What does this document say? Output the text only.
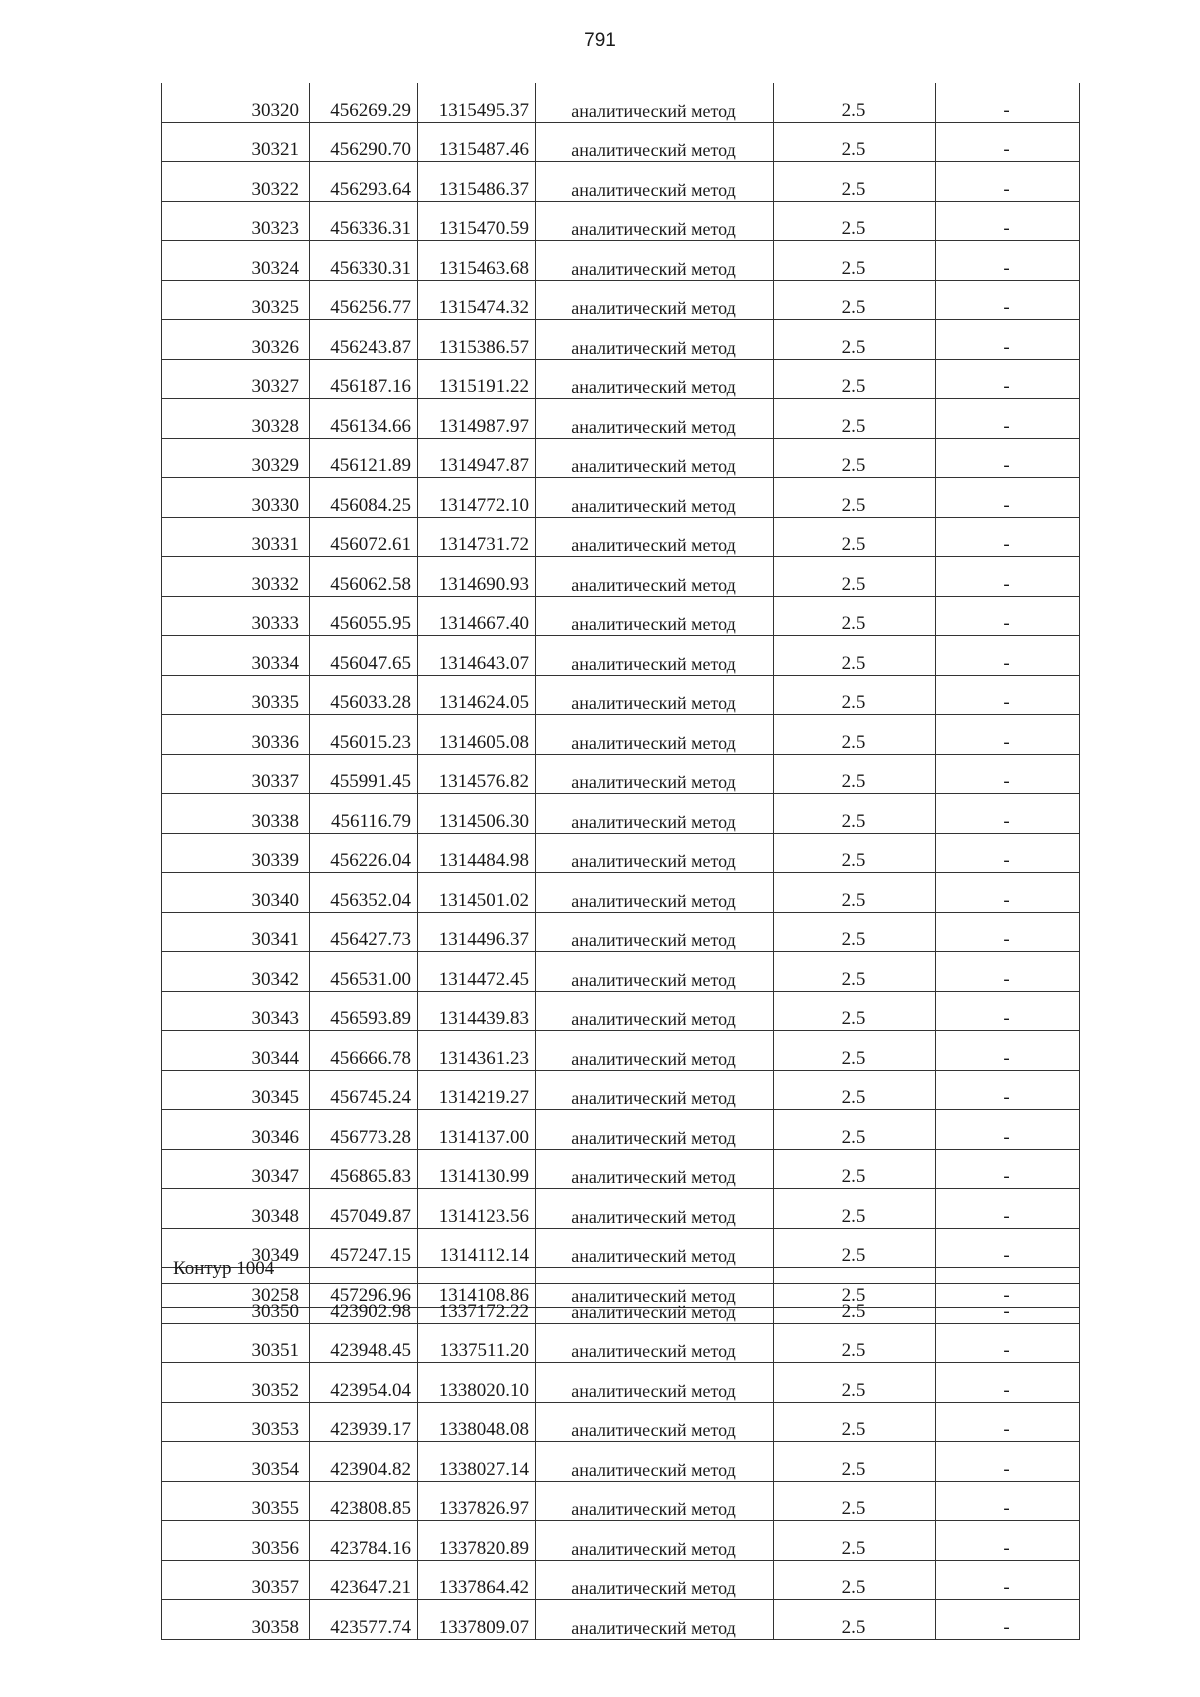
791
30320	456269.29	1315495.37	аналитический метод	2.5	-
30321	456290.70	1315487.46	аналитический метод	2.5	-
30322	456293.64	1315486.37	аналитический метод	2.5	-
30323	456336.31	1315470.59	аналитический метод	2.5	-
30324	456330.31	1315463.68	аналитический метод	2.5	-
30325	456256.77	1315474.32	аналитический метод	2.5	-
30326	456243.87	1315386.57	аналитический метод	2.5	-
30327	456187.16	1315191.22	аналитический метод	2.5	-
30328	456134.66	1314987.97	аналитический метод	2.5	-
30329	456121.89	1314947.87	аналитический метод	2.5	-
30330	456084.25	1314772.10	аналитический метод	2.5	-
30331	456072.61	1314731.72	аналитический метод	2.5	-
30332	456062.58	1314690.93	аналитический метод	2.5	-
30333	456055.95	1314667.40	аналитический метод	2.5	-
30334	456047.65	1314643.07	аналитический метод	2.5	-
30335	456033.28	1314624.05	аналитический метод	2.5	-
30336	456015.23	1314605.08	аналитический метод	2.5	-
30337	455991.45	1314576.82	аналитический метод	2.5	-
30338	456116.79	1314506.30	аналитический метод	2.5	-
30339	456226.04	1314484.98	аналитический метод	2.5	-
30340	456352.04	1314501.02	аналитический метод	2.5	-
30341	456427.73	1314496.37	аналитический метод	2.5	-
30342	456531.00	1314472.45	аналитический метод	2.5	-
30343	456593.89	1314439.83	аналитический метод	2.5	-
30344	456666.78	1314361.23	аналитический метод	2.5	-
30345	456745.24	1314219.27	аналитический метод	2.5	-
30346	456773.28	1314137.00	аналитический метод	2.5	-
30347	456865.83	1314130.99	аналитический метод	2.5	-
30348	457049.87	1314123.56	аналитический метод	2.5	-
30349	457247.15	1314112.14	аналитический метод	2.5	-
30258	457296.96	1314108.86	аналитический метод	2.5	-
Контур 1004
30350	423902.98	1337172.22	аналитический метод	2.5	-
30351	423948.45	1337511.20	аналитический метод	2.5	-
30352	423954.04	1338020.10	аналитический метод	2.5	-
30353	423939.17	1338048.08	аналитический метод	2.5	-
30354	423904.82	1338027.14	аналитический метод	2.5	-
30355	423808.85	1337826.97	аналитический метод	2.5	-
30356	423784.16	1337820.89	аналитический метод	2.5	-
30357	423647.21	1337864.42	аналитический метод	2.5	-
30358	423577.74	1337809.07	аналитический метод	2.5	-
